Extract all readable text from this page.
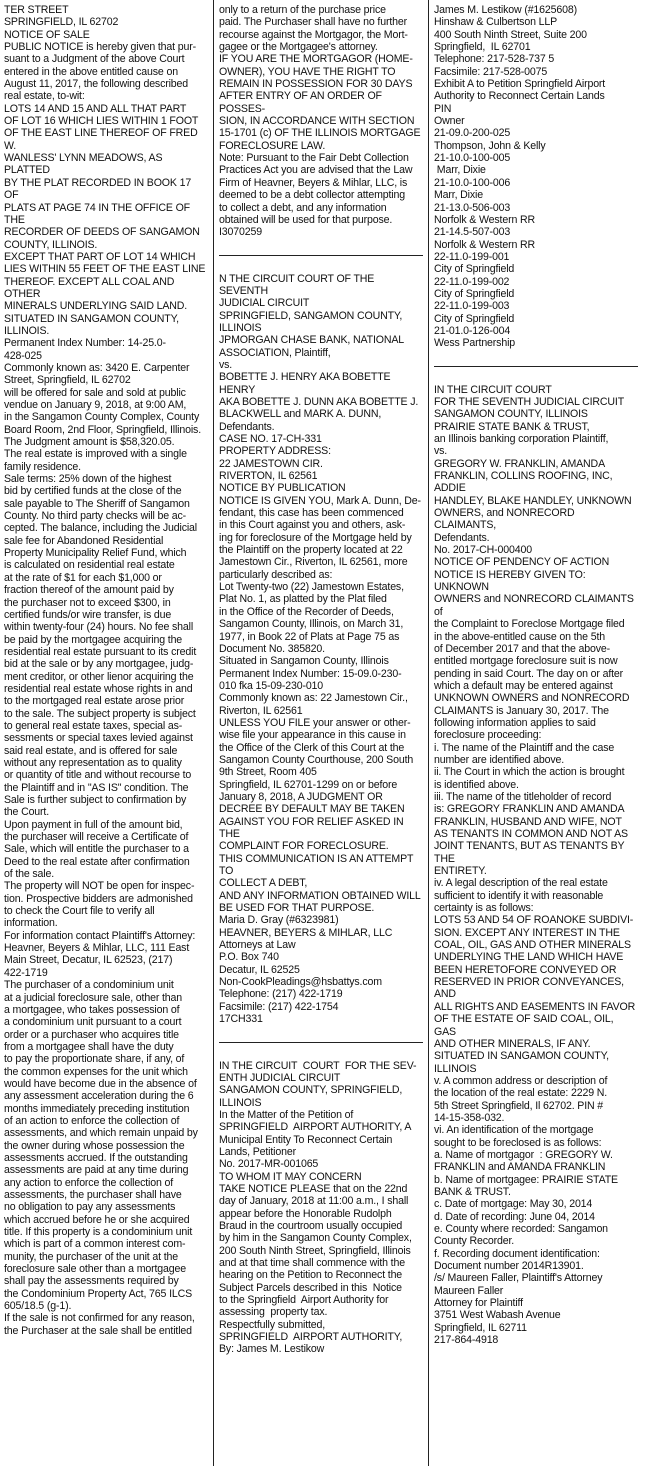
TER STREET
SPRINGFIELD, IL 62702
NOTICE OF SALE
PUBLIC NOTICE is hereby given that pur-
suant to a Judgment of the above Court
entered in the above entitled cause on
August 11, 2017, the following described
real estate, to-wit:
LOTS 14 AND 15 AND ALL THAT PART
OF LOT 16 WHICH LIES WITHIN 1 FOOT
OF THE EAST LINE THEREOF OF FRED W.
WANLESS' LYNN MEADOWS, AS PLATTED
BY THE PLAT RECORDED IN BOOK 17 OF
PLATS AT PAGE 74 IN THE OFFICE OF THE
RECORDER OF DEEDS OF SANGAMON
COUNTY, ILLINOIS.
EXCEPT THAT PART OF LOT 14 WHICH
LIES WITHIN 55 FEET OF THE EAST LINE
THEREOF. EXCEPT ALL COAL AND OTHER
MINERALS UNDERLYING SAID LAND.
SITUATED IN SANGAMON COUNTY,
ILLINOIS.
Permanent Index Number: 14-25.0-
428-025
Commonly known as: 3420 E. Carpenter
Street, Springfield, IL 62702
will be offered for sale and sold at public
vendue on January 9, 2018, at 9:00 AM,
in the Sangamon County Complex, County
Board Room, 2nd Floor, Springfield, Illinois.
The Judgment amount is $58,320.05.
The real estate is improved with a single
family residence.
Sale terms: 25% down of the highest
bid by certified funds at the close of the
sale payable to The Sheriff of Sangamon
County. No third party checks will be ac-
cepted. The balance, including the Judicial
sale fee for Abandoned Residential
Property Municipality Relief Fund, which
is calculated on residential real estate
at the rate of $1 for each $1,000 or
fraction thereof of the amount paid by
the purchaser not to exceed $300, in
certified funds/or wire transfer, is due
within twenty-four (24) hours. No fee shall
be paid by the mortgagee acquiring the
residential real estate pursuant to its credit
bid at the sale or by any mortgagee, judg-
ment creditor, or other lienor acquiring the
residential real estate whose rights in and
to the mortgaged real estate arose prior
to the sale. The subject property is subject
to general real estate taxes, special as-
sessments or special taxes levied against
said real estate, and is offered for sale
without any representation as to quality
or quantity of title and without recourse to
the Plaintiff and in "AS IS" condition. The
Sale is further subject to confirmation by
the Court.
Upon payment in full of the amount bid,
the purchaser will receive a Certificate of
Sale, which will entitle the purchaser to a
Deed to the real estate after confirmation
of the sale.
The property will NOT be open for inspec-
tion. Prospective bidders are admonished
to check the Court file to verify all
information.
For information contact Plaintiff's Attorney:
Heavner, Beyers & Mihlar, LLC, 111 East
Main Street, Decatur, IL 62523, (217)
422-1719
The purchaser of a condominium unit
at a judicial foreclosure sale, other than
a mortgagee, who takes possession of
a condominium unit pursuant to a court
order or a purchaser who acquires title
from a mortgagee shall have the duty
to pay the proportionate share, if any, of
the common expenses for the unit which
would have become due in the absence of
any assessment acceleration during the 6
months immediately preceding institution
of an action to enforce the collection of
assessments, and which remain unpaid by
the owner during whose possession the
assessments accrued. If the outstanding
assessments are paid at any time during
any action to enforce the collection of
assessments, the purchaser shall have
no obligation to pay any assessments
which accrued before he or she acquired
title. If this property is a condominium unit
which is part of a common interest com-
munity, the purchaser of the unit at the
foreclosure sale other than a mortgagee
shall pay the assessments required by
the Condominium Property Act, 765 ILCS
605/18.5 (g-1).
If the sale is not confirmed for any reason,
the Purchaser at the sale shall be entitled
only to a return of the purchase price
paid. The Purchaser shall have no further
recourse against the Mortgagor, the Mort-
gagee or the Mortgagee's attorney.
IF YOU ARE THE MORTGAGOR (HOME-
OWNER), YOU HAVE THE RIGHT TO
REMAIN IN POSSESSION FOR 30 DAYS
AFTER ENTRY OF AN ORDER OF POSSES-
SION, IN ACCORDANCE WITH SECTION
15-1701 (c) OF THE ILLINOIS MORTGAGE
FORECLOSURE LAW.
Note: Pursuant to the Fair Debt Collection
Practices Act you are advised that the Law
Firm of Heavner, Beyers & Mihlar, LLC, is
deemed to be a debt collector attempting
to collect a debt, and any information
obtained will be used for that purpose.
I3070259
N THE CIRCUIT COURT OF THE SEVENTH
JUDICIAL CIRCUIT
SPRINGFIELD, SANGAMON COUNTY,
ILLINOIS
JPMORGAN CHASE BANK, NATIONAL
ASSOCIATION, Plaintiff,
vs.
BOBETTE J. HENRY AKA BOBETTE HENRY
AKA BOBETTE J. DUNN AKA BOBETTE J.
BLACKWELL and MARK A. DUNN,
Defendants.
CASE NO. 17-CH-331
PROPERTY ADDRESS:
22 JAMESTOWN CIR.
RIVERTON, IL 62561
NOTICE BY PUBLICATION
NOTICE IS GIVEN YOU, Mark A. Dunn, De-
fendant, this case has been commenced
in this Court against you and others, ask-
ing for foreclosure of the Mortgage held by
the Plaintiff on the property located at 22
Jamestown Cir., Riverton, IL 62561, more
particularly described as:
Lot Twenty-two (22) Jamestown Estates,
Plat No. 1, as platted by the Plat filed
in the Office of the Recorder of Deeds,
Sangamon County, Illinois, on March 31,
1977, in Book 22 of Plats at Page 75 as
Document No. 385820.
Situated in Sangamon County, Illinois
Permanent Index Number: 15-09.0-230-
010 fka 15-09-230-010
Commonly known as: 22 Jamestown Cir.,
Riverton, IL 62561
UNLESS YOU FILE your answer or other-
wise file your appearance in this cause in
the Office of the Clerk of this Court at the
Sangamon County Courthouse, 200 South
9th Street, Room 405
Springfield, IL 62701-1299 on or before
January 8, 2018, A JUDGMENT OR
DECREE BY DEFAULT MAY BE TAKEN
AGAINST YOU FOR RELIEF ASKED IN THE
COMPLAINT FOR FORECLOSURE.
THIS COMMUNICATION IS AN ATTEMPT TO
COLLECT A DEBT,
AND ANY INFORMATION OBTAINED WILL
BE USED FOR THAT PURPOSE.
Maria D. Gray (#6323981)
HEAVNER, BEYERS & MIHLAR, LLC
Attorneys at Law
P.O. Box 740
Decatur, IL 62525
Non-CookPleadings@hsbattys.com
Telephone: (217) 422-1719
Facsimile: (217) 422-1754
17CH331
IN THE CIRCUIT  COURT  FOR THE SEV-
ENTH JUDICIAL CIRCUIT
SANGAMON COUNTY, SPRINGFIELD,
ILLINOIS
In the Matter of the Petition of
SPRINGFIELD  AIRPORT AUTHORITY, A
Municipal Entity To Reconnect Certain
Lands, Petitioner
No. 2017-MR-001065
TO WHOM IT MAY CONCERN
TAKE NOTICE PLEASE that on the 22nd
day of January, 2018 at 11:00 a.m., I shall
appear before the Honorable Rudolph
Braud in the courtroom usually occupied
by him in the Sangamon County Complex,
200 South Ninth Street, Springfield, Illinois
and at that time shall commence with the
hearing on the Petition to Reconnect the
Subject Parcels described in this  Notice
to the Springfield  Airport Authority for
assessing  property tax.
Respectfully submitted,
SPRINGFIELD  AIRPORT AUTHORITY,
By: James M. Lestikow
James M. Lestikow (#1625608)
Hinshaw & Culbertson LLP
400 South Ninth Street, Suite 200
Springfield,  IL 62701
Telephone: 217-528-737 5
Facsimile: 217-528-0075
Exhibit A to Petition Springfield Airport
Authority to Reconnect Certain Lands
PIN
Owner
21-09.0-200-025
Thompson, John & Kelly
21-10.0-100-005
Marr, Dixie
21-10.0-100-006
Marr, Dixie
21-13.0-506-003
Norfolk & Western RR
21-14.5-507-003
Norfolk & Western RR
22-11.0-199-001
City of Springfield
22-11.0-199-002
City of Springfield
22-11.0-199-003
City of Springfield
21-01.0-126-004
Wess Partnership
IN THE CIRCUIT COURT
FOR THE SEVENTH JUDICIAL CIRCUIT
SANGAMON COUNTY, ILLINOIS
PRAIRIE STATE BANK & TRUST,
an Illinois banking corporation Plaintiff,
vs.
GREGORY W. FRANKLIN, AMANDA
FRANKLIN, COLLINS ROOFING, INC, ADDIE
HANDLEY, BLAKE HANDLEY, UNKNOWN
OWNERS, and NONRECORD  CLAIMANTS,
Defendants.
No. 2017-CH-000400
NOTICE OF PENDENCY OF ACTION
NOTICE IS HEREBY GIVEN TO:  UNKNOWN
OWNERS and NONRECORD CLAIMANTS of
the Complaint to Foreclose Mortgage filed
in the above-entitled cause on the 5th
of December 2017 and that the above-
entitled mortgage foreclosure suit is now
pending in said Court. The day on or after
which a default may be entered against
UNKNOWN OWNERS and NONRECORD
CLAIMANTS is January 30, 2017. The
following information applies to said
foreclosure proceeding:
i. The name of the Plaintiff and the case
number are identified above.
ii. The Court in which the action is brought
is identified above.
iii. The name of the titleholder of record
is: GREGORY FRANKLIN AND AMANDA
FRANKLIN, HUSBAND AND WIFE, NOT
AS TENANTS IN COMMON AND NOT AS
JOINT TENANTS, BUT AS TENANTS BY THE
ENTIRETY.
iv. A legal description of the real estate
sufficient to identify it with reasonable
certainty is as follows:
LOTS 53 AND 54 OF ROANOKE SUBDIVI-
SION. EXCEPT ANY INTEREST IN THE
COAL, OIL, GAS AND OTHER MINERALS
UNDERLYING THE LAND WHICH HAVE
BEEN HERETOFORE CONVEYED OR
RESERVED IN PRIOR CONVEYANCES, AND
ALL RIGHTS AND EASEMENTS IN FAVOR
OF THE ESTATE OF SAID COAL, OIL, GAS
AND OTHER MINERALS, IF ANY.
SITUATED IN SANGAMON COUNTY,
ILLINOIS
v. A common address or description of
the location of the real estate: 2229 N.
5th Street Springfield, Il 62702. PIN #
14-15-358-032.
vi. An identification of the mortgage
sought to be foreclosed is as follows:
a. Name of mortgagor  : GREGORY W.
FRANKLIN and AMANDA FRANKLIN
b. Name of mortgagee: PRAIRIE STATE
BANK & TRUST.
c. Date of mortgage: May 30, 2014
d. Date of recording: June 04, 2014
e. County where recorded: Sangamon
County Recorder.
f. Recording document identification:
Document number 2014R13901.
/s/ Maureen Faller, Plaintiff's Attorney
Maureen Faller
Attorney for Plaintiff
3751 West Wabash Avenue
Springfield, IL 62711
217-864-4918
